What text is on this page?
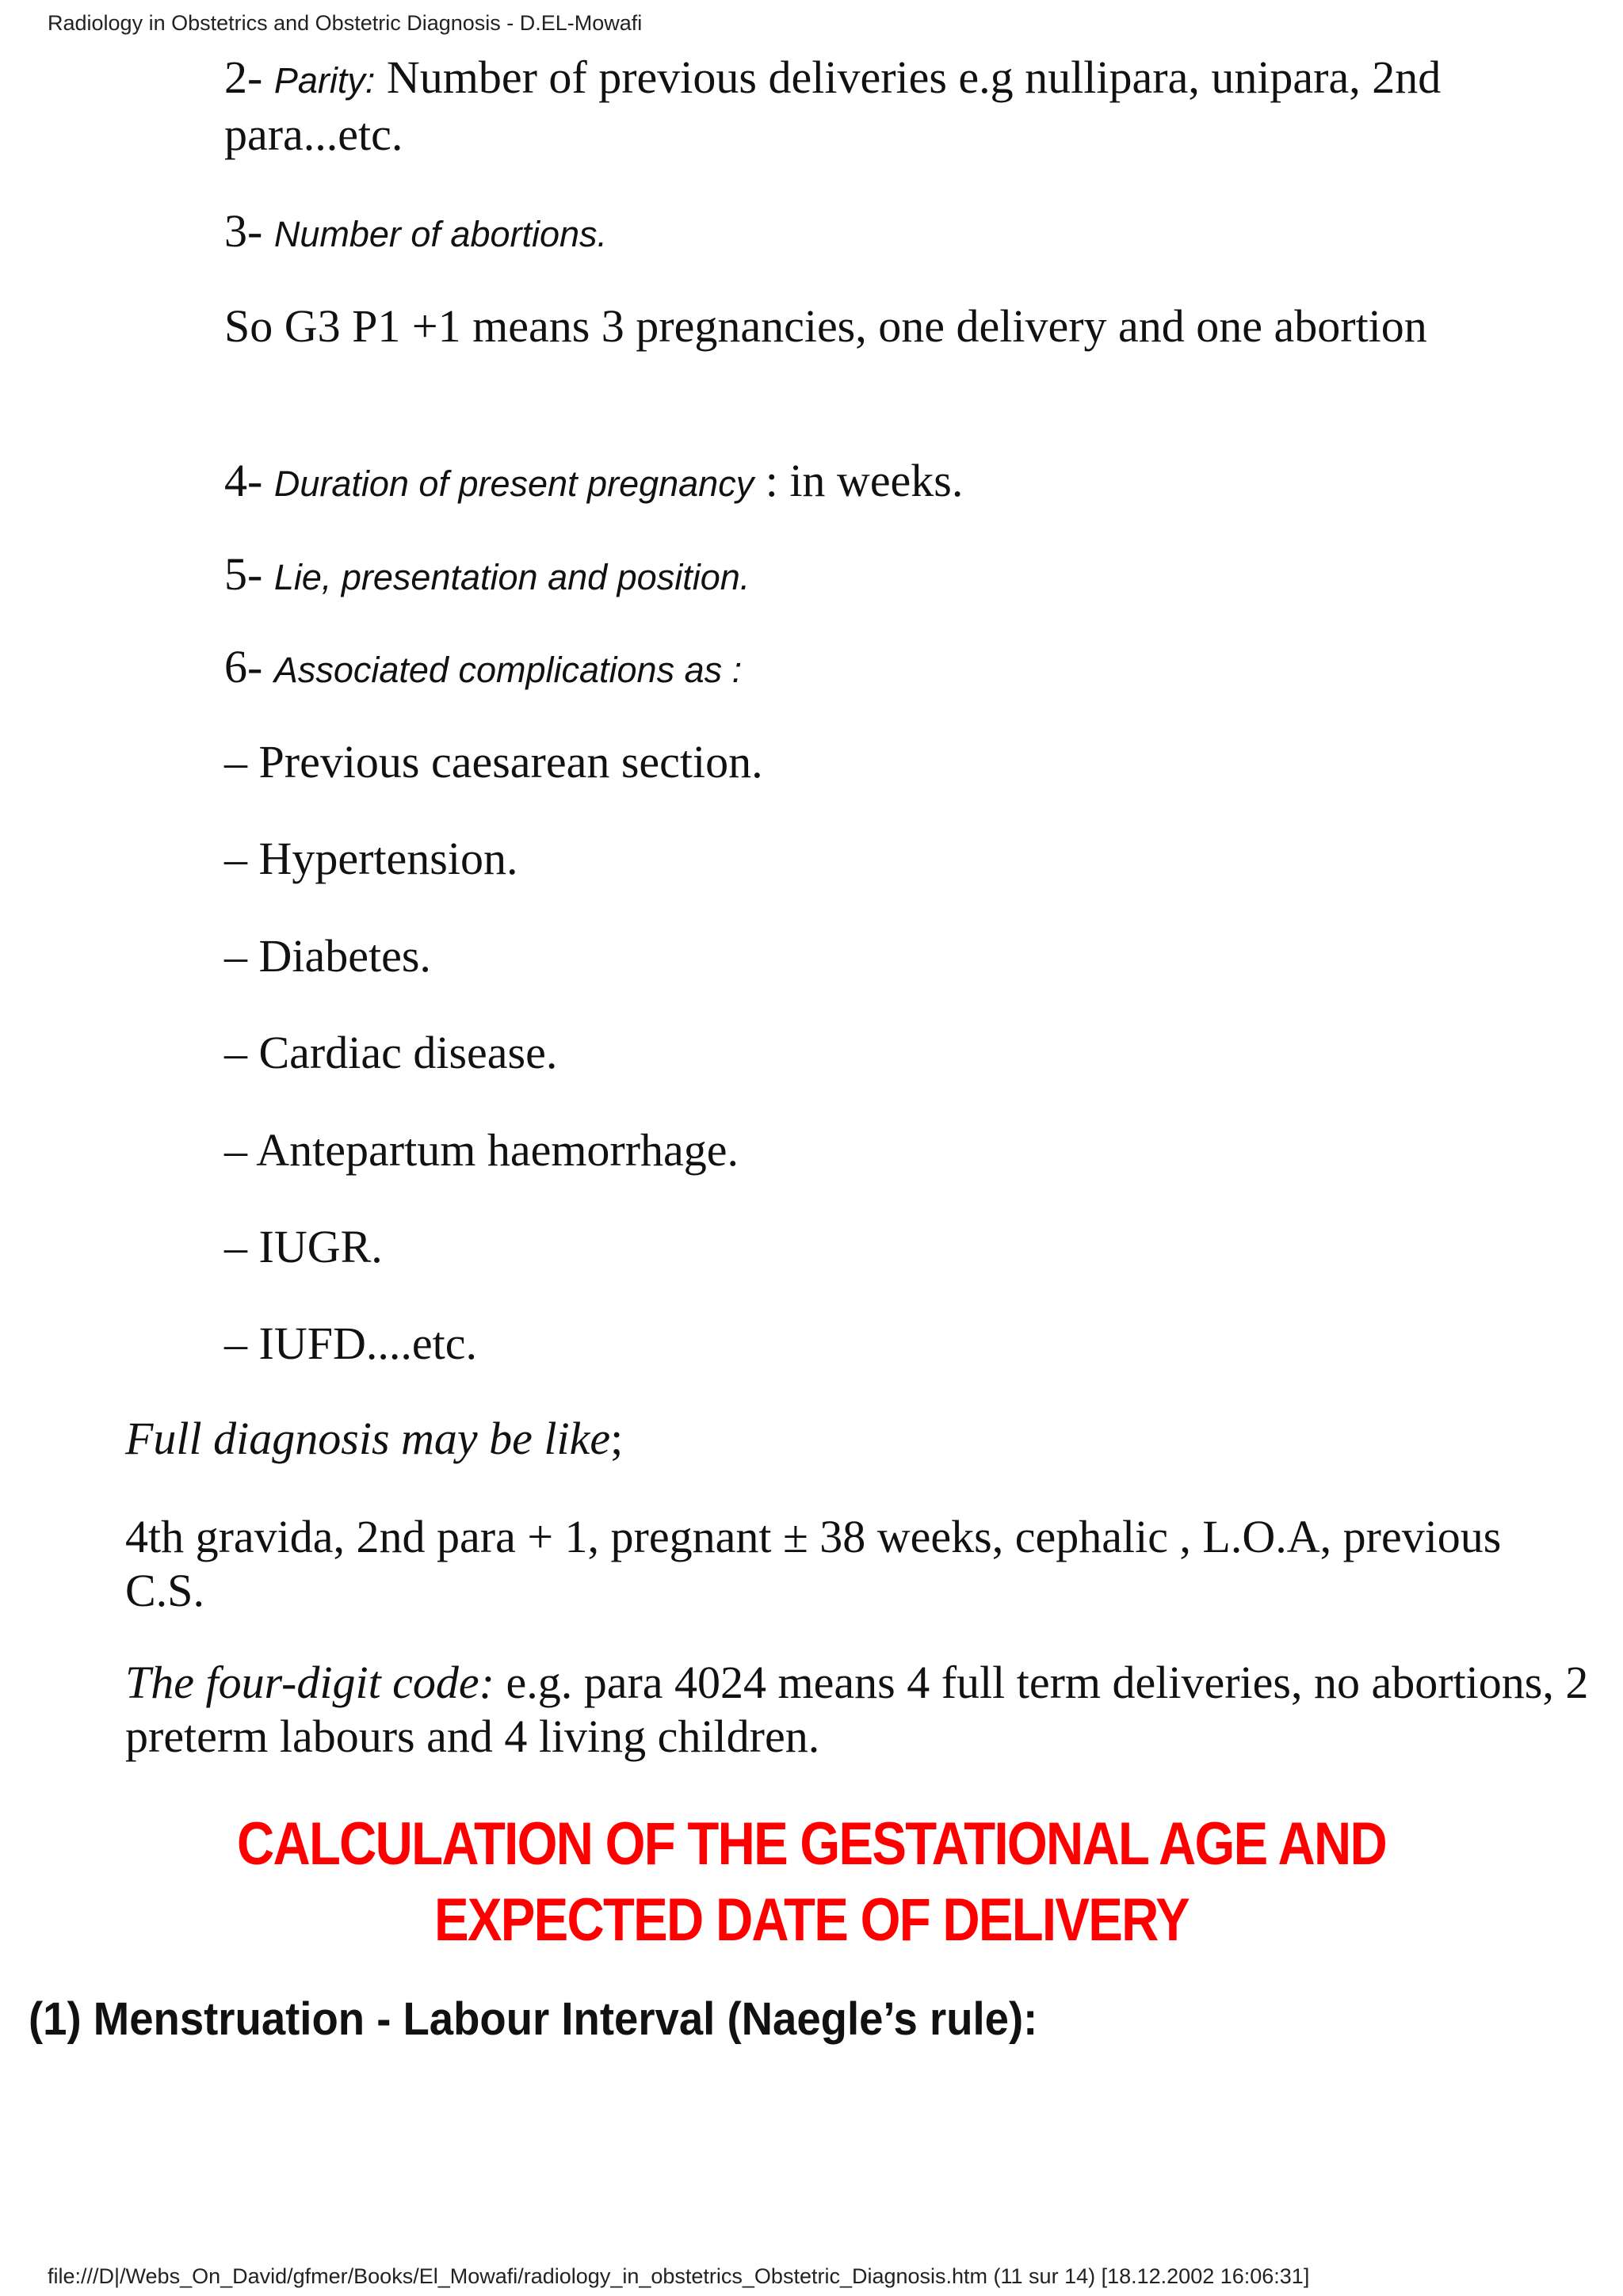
Radiology in Obstetrics and Obstetric Diagnosis - D.EL-Mowafi

2- Parity: Number of previous deliveries e.g nullipara, unipara, 2nd para...etc.

3- Number of abortions.

So G3 P1 +1 means 3 pregnancies, one delivery and one abortion

4- Duration of present pregnancy : in weeks.

5- Lie, presentation and position.

6- Associated complications as :

– Previous caesarean section.

– Hypertension.

– Diabetes.

– Cardiac disease.

– Antepartum haemorrhage.

– IUGR.

– IUFD....etc.

Full diagnosis may be like;

4th gravida, 2nd para + 1, pregnant ± 38 weeks, cephalic , L.O.A, previous C.S.

The four-digit code: e.g. para 4024 means 4 full term deliveries, no abortions, 2 preterm labours and 4 living children.

CALCULATION OF THE GESTATIONAL AGE AND EXPECTED DATE OF DELIVERY
(1) Menstruation - Labour Interval (Naegle’s rule):
file:///D|/Webs_On_David/gfmer/Books/El_Mowafi/radiology_in_obstetrics_Obstetric_Diagnosis.htm (11 sur 14) [18.12.2002 16:06:31]
